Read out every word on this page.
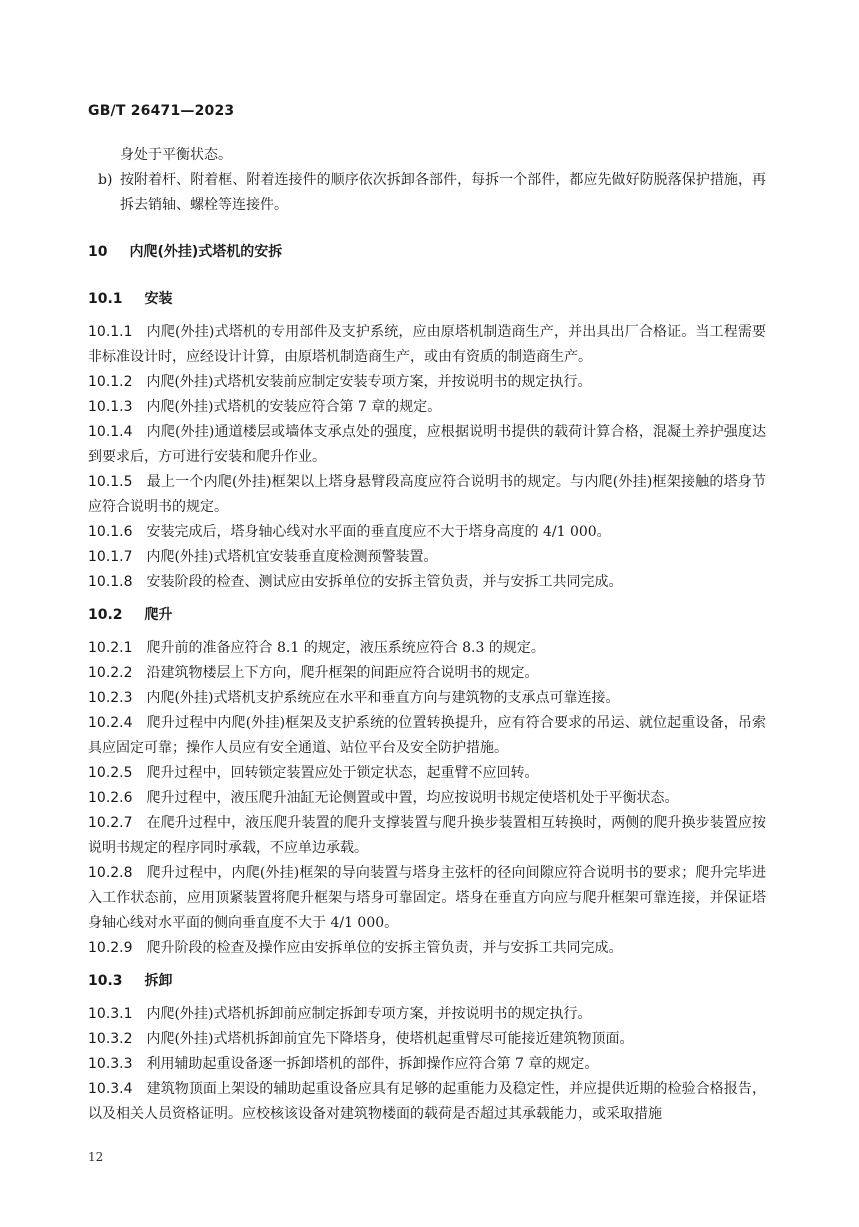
GB/T 26471—2023

身处于平衡状态。

b) 按附着杆、附着框、附着连接件的顺序依次拆卸各部件，每拆一个部件，都应先做好防脱落保护措施，再拆去销轴、螺栓等连接件。

10 内爬(外挂)式塔机的安拆

10.1 安装

10.1.1 内爬(外挂)式塔机的专用部件及支护系统，应由原塔机制造商生产，并出具出厂合格证。当工程需要非标准设计时，应经设计计算，由原塔机制造商生产，或由有资质的制造商生产。

10.1.2 内爬(外挂)式塔机安装前应制定安装专项方案，并按说明书的规定执行。

10.1.3 内爬(外挂)式塔机的安装应符合第 7 章的规定。

10.1.4 内爬(外挂)通道楼层或墙体支承点处的强度，应根据说明书提供的载荷计算合格，混凝土养护强度达到要求后，方可进行安装和爬升作业。

10.1.5 最上一个内爬(外挂)框架以上塔身悬臂段高度应符合说明书的规定。与内爬(外挂)框架接触的塔身节应符合说明书的规定。

10.1.6 安装完成后，塔身轴心线对水平面的垂直度应不大于塔身高度的 4/1 000。

10.1.7 内爬(外挂)式塔机宜安装垂直度检测预警装置。

10.1.8 安装阶段的检查、测试应由安拆单位的安拆主管负责，并与安拆工共同完成。

10.2 爬升

10.2.1 爬升前的准备应符合 8.1 的规定，液压系统应符合 8.3 的规定。

10.2.2 沿建筑物楼层上下方向，爬升框架的间距应符合说明书的规定。

10.2.3 内爬(外挂)式塔机支护系统应在水平和垂直方向与建筑物的支承点可靠连接。

10.2.4 爬升过程中内爬(外挂)框架及支护系统的位置转换提升，应有符合要求的吊运、就位起重设备，吊索具应固定可靠；操作人员应有安全通道、站位平台及安全防护措施。

10.2.5 爬升过程中，回转锁定装置应处于锁定状态，起重臂不应回转。

10.2.6 爬升过程中，液压爬升油缸无论侧置或中置，均应按说明书规定使塔机处于平衡状态。

10.2.7 在爬升过程中，液压爬升装置的爬升支撑装置与爬升换步装置相互转换时，两侧的爬升换步装置应按说明书规定的程序同时承载，不应单边承载。

10.2.8 爬升过程中，内爬(外挂)框架的导向装置与塔身主弦杆的径向间隙应符合说明书的要求；爬升完毕进入工作状态前，应用顶紧装置将爬升框架与塔身可靠固定。塔身在垂直方向应与爬升框架可靠连接，并保证塔身轴心线对水平面的侧向垂直度不大于 4/1 000。

10.2.9 爬升阶段的检查及操作应由安拆单位的安拆主管负责，并与安拆工共同完成。

10.3 拆卸

10.3.1 内爬(外挂)式塔机拆卸前应制定拆卸专项方案，并按说明书的规定执行。

10.3.2 内爬(外挂)式塔机拆卸前宜先下降塔身，使塔机起重臂尽可能接近建筑物顶面。

10.3.3 利用辅助起重设备逐一拆卸塔机的部件，拆卸操作应符合第 7 章的规定。

10.3.4 建筑物顶面上架设的辅助起重设备应具有足够的起重能力及稳定性，并应提供近期的检验合格报告，以及相关人员资格证明。应校核该设备对建筑物楼面的载荷是否超过其承载能力，或采取措施

12
